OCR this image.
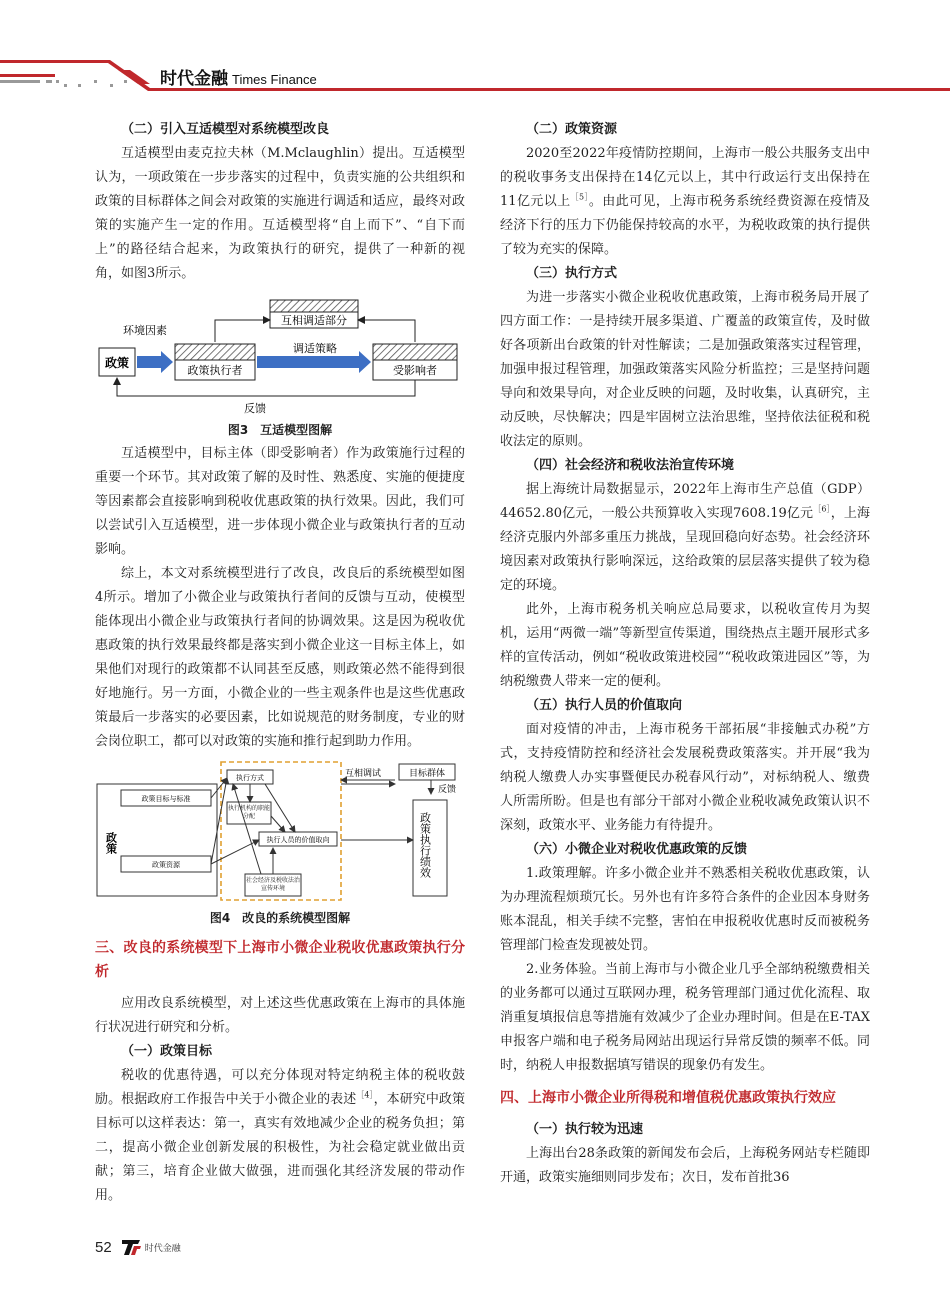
时代金融 Times Finance
（二）引入互适模型对系统模型改良

互适模型由麦克拉夫林（M.Mclaughlin）提出。互适模型认为，一项政策在一步步落实的过程中，负责实施的公共组织和政策的目标群体之间会对政策的实施进行调适和适应，最终对政策的实施产生一定的作用。互适模型将“自上而下”、“自下而上”的路径结合起来，为政策执行的研究，提供了一种新的视角，如图3所示。

互相调适部分
环境因素
政策
政策执行者
调适策略
受影响者
反馈
图3　互适模型图解

互适模型中，目标主体（即受影响者）作为政策施行过程的重要一个环节。其对政策了解的及时性、熟悉度、实施的便捷度等因素都会直接影响到税收优惠政策的执行效果。因此，我们可以尝试引入互适模型，进一步体现小微企业与政策执行者的互动影响。

综上，本文对系统模型进行了改良，改良后的系统模型如图4所示。增加了小微企业与政策执行者间的反馈与互动，使模型能体现出小微企业与政策执行者间的协调效果。这是因为税收优惠政策的执行效果最终都是落实到小微企业这一目标主体上，如果他们对现行的政策都不认同甚至反感，则政策必然不能得到很好地施行。另一方面，小微企业的一些主观条件也是这些优惠政策最后一步落实的必要因素，比如说规范的财务制度，专业的财会岗位职工，都可以对政策的实施和推行起到助力作用。

政策
政策目标与标准
政策资源
执行方式
执行机构的职能分配
执行人员的价值取向
社会经济及税收法治宣传环境
互相调试	目标群体
反馈
政策执行绩效
图4　改良的系统模型图解
三、改良的系统模型下上海市小微企业税收优惠政策执行分析

应用改良系统模型，对上述这些优惠政策在上海市的具体施行状况进行研究和分析。

（一）政策目标

税收的优惠待遇，可以充分体现对特定纳税主体的税收鼓励。根据政府工作报告中关于小微企业的表述$^{[4]}$，本研究中政策目标可以这样表达：第一，真实有效地减少企业的税务负担；第二，提高小微企业创新发展的积极性，为社会稳定就业做出贡献；第三，培育企业做大做强，进而强化其经济发展的带动作用。

（二）政策资源

2020至2022年疫情防控期间，上海市一般公共服务支出中的税收事务支出保持在14亿元以上，其中行政运行支出保持在11亿元以上$^{[5]}$。由此可见，上海市税务系统经费资源在疫情及经济下行的压力下仍能保持较高的水平，为税收政策的执行提供了较为充实的保障。

（三）执行方式

为进一步落实小微企业税收优惠政策，上海市税务局开展了四方面工作：一是持续开展多渠道、广覆盖的政策宣传，及时做好各项新出台政策的针对性解读；二是加强政策落实过程管理，加强申报过程管理，加强政策落实风险分析监控；三是坚持问题导向和效果导向，对企业反映的问题，及时收集，认真研究，主动反映，尽快解决；四是牢固树立法治思维，坚持依法征税和税收法定的原则。

（四）社会经济和税收法治宣传环境

据上海统计局数据显示，2022年上海市生产总值（GDP）44652.80亿元，一般公共预算收入实现7608.19亿元$^{[6]}$，上海经济克服内外部多重压力挑战，呈现回稳向好态势。社会经济环境因素对政策执行影响深远，这给政策的层层落实提供了较为稳定的环境。

此外，上海市税务机关响应总局要求，以税收宣传月为契机，运用“两微一端”等新型宣传渠道，围绕热点主题开展形式多样的宣传活动，例如“税收政策进校园”“税收政策进园区”等，为纳税缴费人带来一定的便利。

（五）执行人员的价值取向

面对疫情的冲击，上海市税务干部拓展“非接触式办税”方式，支持疫情防控和经济社会发展税费政策落实。并开展“我为纳税人缴费人办实事暨便民办税春风行动”，对标纳税人、缴费人所需所盼。但是也有部分干部对小微企业税收减免政策认识不深刻，政策水平、业务能力有待提升。

（六）小微企业对税收优惠政策的反馈

1.政策理解。许多小微企业并不熟悉相关税收优惠政策，认为办理流程烦琐冗长。另外也有许多符合条件的企业因本身财务账本混乱，相关手续不完整，害怕在申报税收优惠时反而被税务管理部门检查发现被处罚。

2.业务体验。当前上海市与小微企业几乎全部纳税缴费相关的业务都可以通过互联网办理，税务管理部门通过优化流程、取消重复填报信息等措施有效减少了企业办理时间。但是在E-TAX申报客户端和电子税务局网站出现运行异常反馈的频率不低。同时，纳税人申报数据填写错误的现象仍有发生。

四、上海市小微企业所得税和增值税优惠政策执行效应
（一）执行较为迅速

上海出台28条政策的新闻发布会后，上海税务网站专栏随即开通，政策实施细则同步发布；次日，发布首批36

52	时代金融
